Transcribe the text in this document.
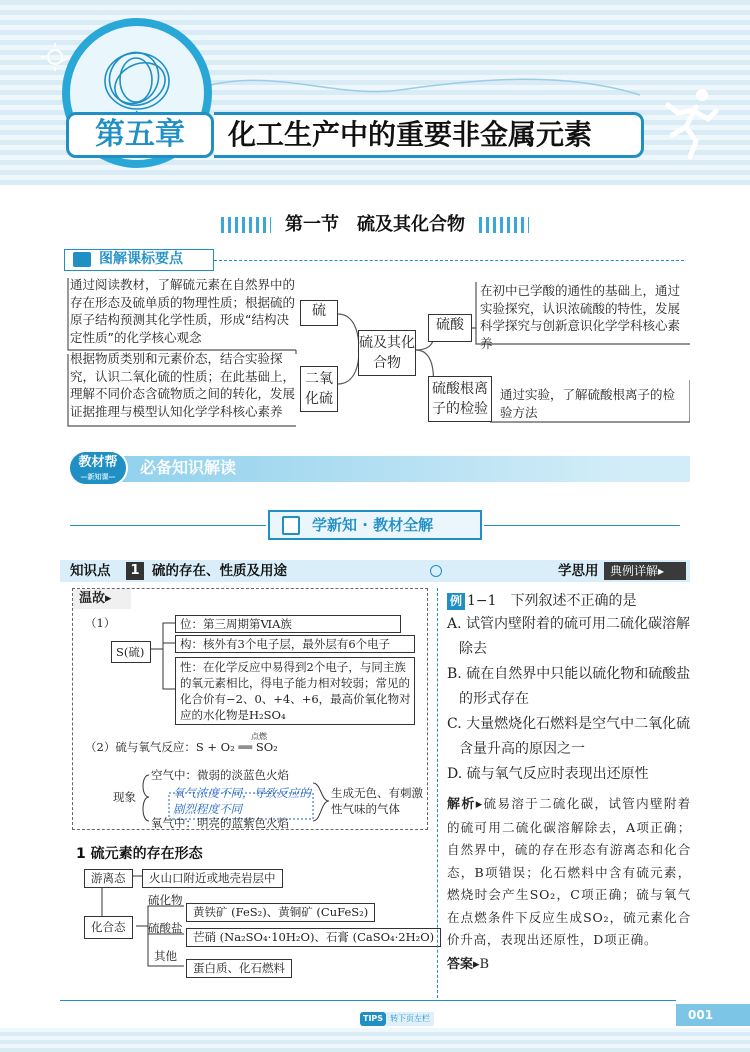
第五章	化工生产中的重要非金属元素
第一节　硫及其化合物
图解课标要点
通过阅读教材，了解硫元素在自然界中的存在形态及硫单质的物理性质；根据硫的原子结构预测其化学性质，形成“结构决定性质”的化学核心观念
根据物质类别和元素价态，结合实验探究，认识二氧化硫的性质；在此基础上，理解不同价态含硫物质之间的转化，发展证据推理与模型认知化学学科核心素养
硫
二氧化硫
硫及其化合物
硫酸
硫酸根离子的检验
在初中已学酸的通性的基础上，通过实验探究，认识浓硫酸的特性，发展科学探究与创新意识化学学科核心素养
通过实验，了解硫酸根离子的检验方法
教材帮
—新知课—	必备知识解读
学新知 · 教材全解
知识点	1 硫的存在、性质及用途	学思用 典例详解▸
温故▸
（1）
S(硫)
位：第三周期第ⅥA族
构：核外有3个电子层，最外层有6个电子
性：在化学反应中易得到2个电子，与同主族的氧元素相比，得电子能力相对较弱；常见的化合价有−2、0、+4、+6，最高价氧化物对应的水化物是H₂SO₄
（2）硫与氧气反应：S + O₂ ══ SO₂
点燃
空气中：微弱的淡蓝色火焰
现象	氧气浓度不同，导致反应的剧烈程度不同
氧气中：明亮的蓝紫色火焰
生成无色、有刺激性气味的气体
1 硫元素的存在形态
游离态	火山口附近或地壳岩层中
化合态
硫化物
黄铁矿 (FeS₂)、黄铜矿 (CuFeS₂)
硫酸盐
芒硝 (Na₂SO₄·10H₂O)、石膏 (CaSO₄·2H₂O)
其他
蛋白质、化石燃料
例 1−1　 下列叙述不正确的是
A. 试管内壁附着的硫可用二硫化碳溶解除去
B. 硫在自然界中只能以硫化物和硫酸盐的形式存在
C. 大量燃烧化石燃料是空气中二氧化硫含量升高的原因之一
D. 硫与氧气反应时表现出还原性
解析▸硫易溶于二硫化碳，试管内壁附着的硫可用二硫化碳溶解除去，A项正确；自然界中，硫的存在形态有游离态和化合态，B项错误；化石燃料中含有硫元素，燃烧时会产生SO₂，C项正确；硫与氧气在点燃条件下反应生成SO₂，硫元素化合价升高，表现出还原性，D项正确。
答案▸B
TIPS 转下页左栏	001
